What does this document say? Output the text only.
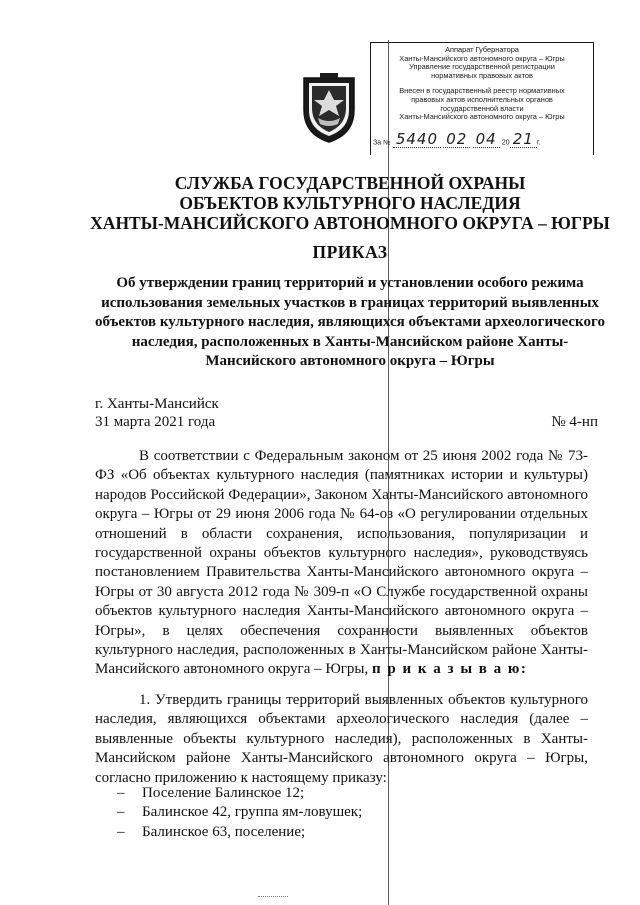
Аппарат Губернатора
Ханты-Мансийского автономного округа – Югры
Управление государственной регистрации
нормативных правовых актов
Внесен в государственный реестр нормативных
правовых актов исполнительных органов
государственной власти
Ханты-Мансийского автономного округа – Югры
За № 5440 02 04 20 21 г.
СЛУЖБА ГОСУДАРСТВЕННОЙ ОХРАНЫ
ОБЪЕКТОВ КУЛЬТУРНОГО НАСЛЕДИЯ
ХАНТЫ-МАНСИЙСКОГО АВТОНОМНОГО ОКРУГА – ЮГРЫ
ПРИКАЗ
Об утверждении границ территорий и установлении особого режима использования земельных участков в границах территорий выявленных объектов культурного наследия, являющихся объектами археологического наследия, расположенных в Ханты-Мансийском районе Ханты-Мансийского автономного округа – Югры
г. Ханты-Мансийск
31 марта 2021 года	№ 4-нп
В соответствии с Федеральным законом от 25 июня 2002 года № 73-ФЗ «Об объектах культурного наследия (памятниках истории и культуры) народов Российской Федерации», Законом Ханты-Мансийского автономного округа – Югры от 29 июня 2006 года № 64-оз «О регулировании отдельных отношений в области сохранения, использования, популяризации и государственной охраны объектов культурного наследия», руководствуясь постановлением Правительства Ханты-Мансийского автономного округа – Югры от 30 августа 2012 года № 309-п «О Службе государственной охраны объектов культурного наследия Ханты-Мансийского автономного округа – Югры», в целях обеспечения сохранности выявленных объектов культурного наследия, расположенных в Ханты-Мансийском районе Ханты-Мансийского автономного округа – Югры, п р и к а з ы в а ю:
1. Утвердить границы территорий выявленных объектов культурного наследия, являющихся объектами археологического наследия (далее – выявленные объекты культурного наследия), расположенных в Ханты-Мансийском районе Ханты-Мансийского автономного округа – Югры, согласно приложению к настоящему приказу:
– Поселение Балинское 12;
– Балинское 42, группа ям-ловушек;
– Балинское 63, поселение;
